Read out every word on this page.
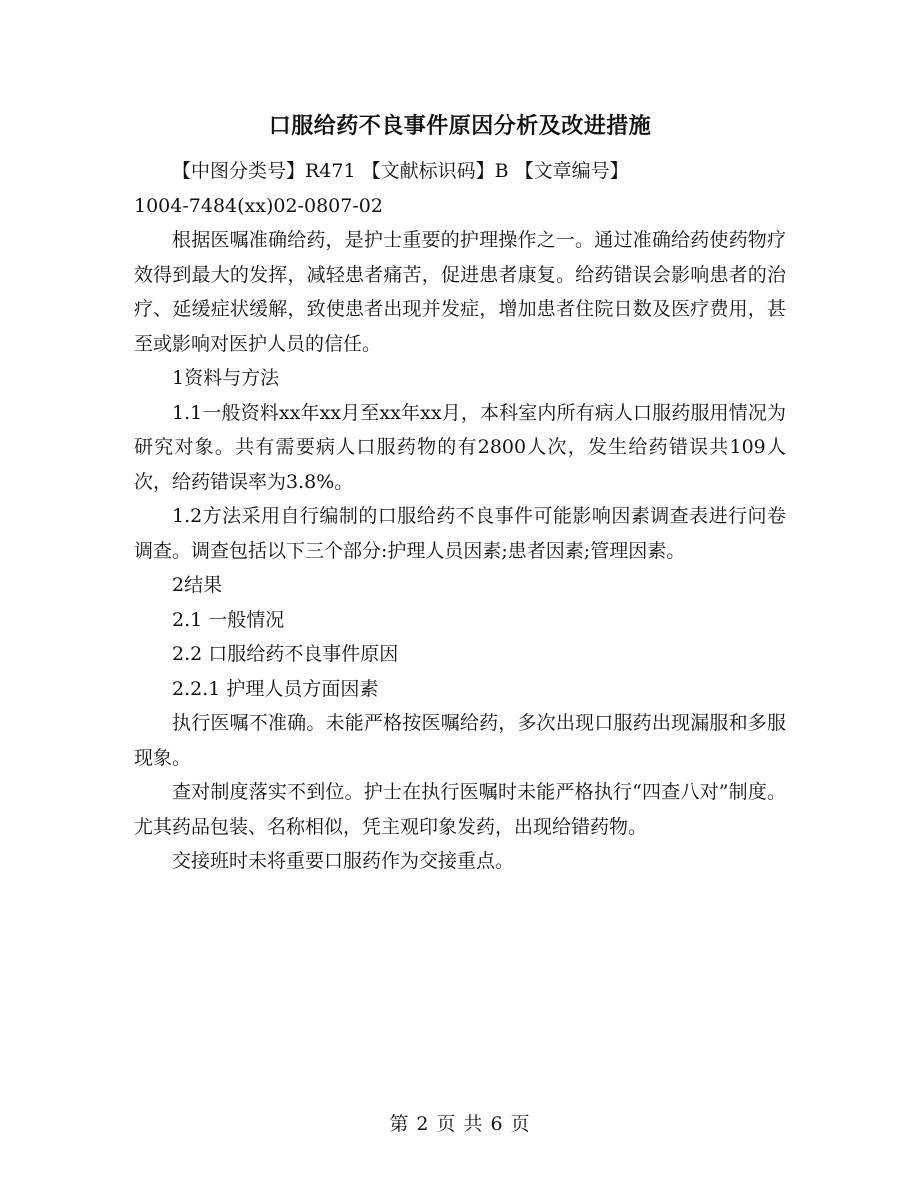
口服给药不良事件原因分析及改进措施

【中图分类号】R471 【文献标识码】B 【文章编号】

1004-7484(xx)02-0807-02

根据医嘱准确给药，是护士重要的护理操作之一。通过准确给药使药物疗效得到最大的发挥，减轻患者痛苦，促进患者康复。给药错误会影响患者的治疗、延缓症状缓解，致使患者出现并发症，增加患者住院日数及医疗费用，甚至或影响对医护人员的信任。

1资料与方法

1.1一般资料xx年xx月至xx年xx月，本科室内所有病人口服药服用情况为研究对象。共有需要病人口服药物的有2800人次，发生给药错误共109人次，给药错误率为3.8%。

1.2方法采用自行编制的口服给药不良事件可能影响因素调查表进行问卷调查。调查包括以下三个部分:护理人员因素;患者因素;管理因素。

2结果

2.1 一般情况

2.2 口服给药不良事件原因

2.2.1 护理人员方面因素

执行医嘱不准确。未能严格按医嘱给药，多次出现口服药出现漏服和多服现象。

查对制度落实不到位。护士在执行医嘱时未能严格执行“四查八对”制度。尤其药品包装、名称相似，凭主观印象发药，出现给错药物。

交接班时未将重要口服药作为交接重点。

第 2 页 共 6 页
